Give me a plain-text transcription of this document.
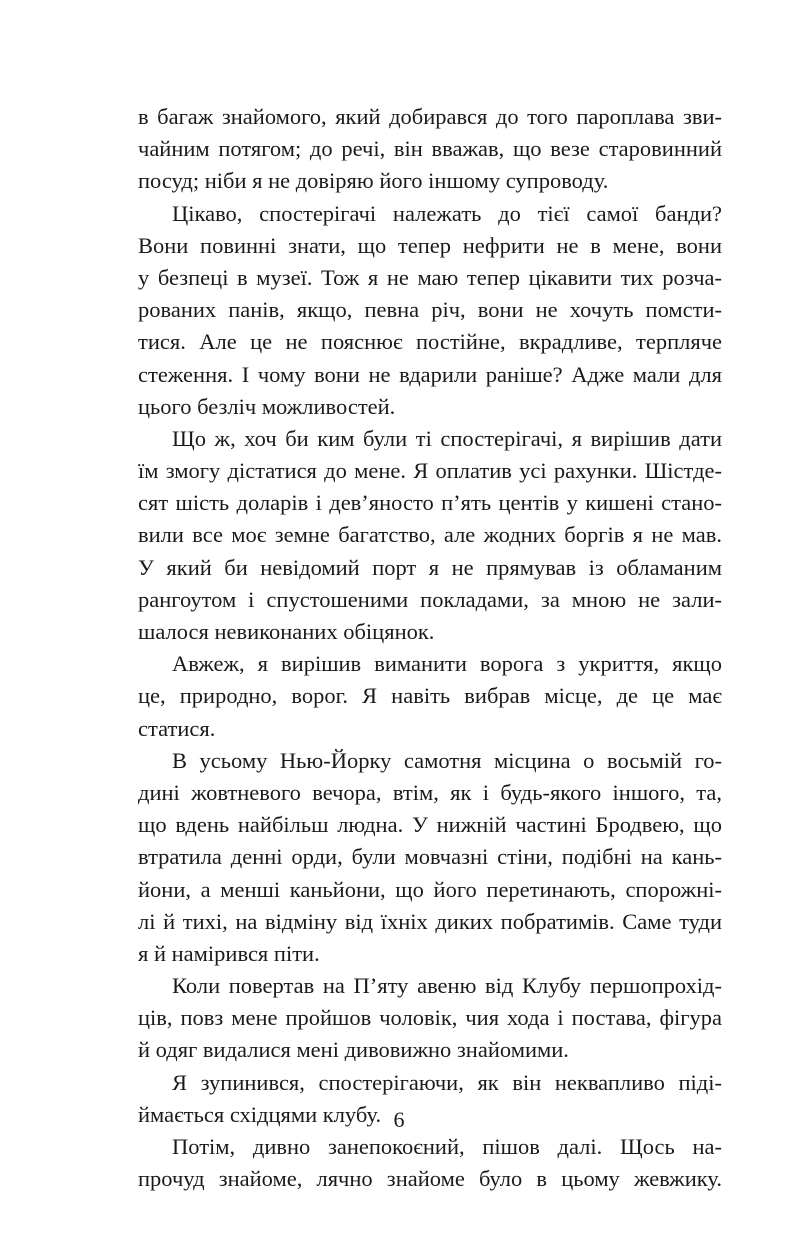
в багаж знайомого, який добирався до того пароплава зви-
чайним потягом; до речі, він вважав, що везе старовинний
посуд; ніби я не довіряю його іншому супроводу.
Цікаво, спостерігачі належать до тієї самої банди?
Вони повинні знати, що тепер нефрити не в мене, вони
у безпеці в музеї. Тож я не маю тепер цікавити тих розча-
рованих панів, якщо, певна річ, вони не хочуть помсти-
тися. Але це не пояснює постійне, вкрадливе, терпляче
стеження. І чому вони не вдарили раніше? Адже мали для
цього безліч можливостей.
Що ж, хоч би ким були ті спостерігачі, я вирішив дати
їм змогу дістатися до мене. Я оплатив усі рахунки. Шістде-
сят шість доларів і дев’яносто п’ять центів у кишені стано-
вили все моє земне багатство, але жодних боргів я не мав.
У який би невідомий порт я не прямував із обламаним
рангоутом і спустошеними покладами, за мною не зали-
шалося невиконаних обіцянок.
Авжеж, я вирішив виманити ворога з укриття, якщо
це, природно, ворог. Я навіть вибрав місце, де це має
статися.
В усьому Нью-Йорку самотня місцина о восьмій го-
дині жовтневого вечора, втім, як і будь-якого іншого, та,
що вдень найбільш людна. У нижній частині Бродвею, що
втратила денні орди, були мовчазні стіни, подібні на кань-
йони, а менші каньйони, що його перетинають, спорожні-
лі й тихі, на відміну від їхніх диких побратимів. Саме туди
я й намірився піти.
Коли повертав на П’яту авеню від Клубу першопрохід-
ців, повз мене пройшов чоловік, чия хода і постава, фігура
й одяг видалися мені дивовижно знайомими.
Я зупинився, спостерігаючи, як він неквапливо піді-
ймається східцями клубу.
Потім, дивно занепокоєний, пішов далі. Щось на-
прочуд знайоме, лячно знайоме було в цьому жевжику.
6
